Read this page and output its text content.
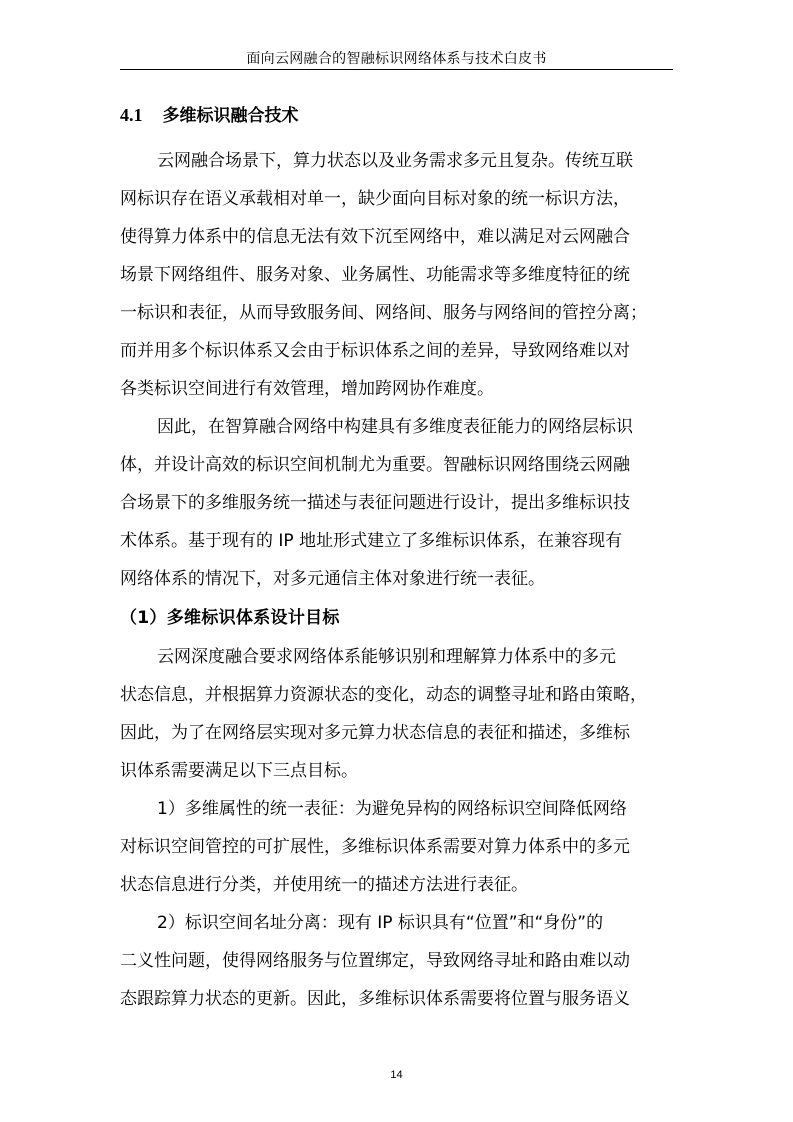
面向云网融合的智融标识网络体系与技术白皮书
4.1 多维标识融合技术
云网融合场景下，算力状态以及业务需求多元且复杂。传统互联
网标识存在语义承载相对单一，缺少面向目标对象的统一标识方法，
使得算力体系中的信息无法有效下沉至网络中，难以满足对云网融合
场景下网络组件、服务对象、业务属性、功能需求等多维度特征的统
一标识和表征，从而导致服务间、网络间、服务与网络间的管控分离；
而并用多个标识体系又会由于标识体系之间的差异，导致网络难以对
各类标识空间进行有效管理，增加跨网协作难度。
因此，在智算融合网络中构建具有多维度表征能力的网络层标识
体，并设计高效的标识空间机制尤为重要。智融标识网络围绕云网融
合场景下的多维服务统一描述与表征问题进行设计，提出多维标识技
术体系。基于现有的 IP 地址形式建立了多维标识体系，在兼容现有
网络体系的情况下，对多元通信主体对象进行统一表征。
（1）多维标识体系设计目标
云网深度融合要求网络体系能够识别和理解算力体系中的多元
状态信息，并根据算力资源状态的变化，动态的调整寻址和路由策略，
因此，为了在网络层实现对多元算力状态信息的表征和描述，多维标
识体系需要满足以下三点目标。
1）多维属性的统一表征：为避免异构的网络标识空间降低网络
对标识空间管控的可扩展性，多维标识体系需要对算力体系中的多元
状态信息进行分类，并使用统一的描述方法进行表征。
2）标识空间名址分离：现有 IP 标识具有“位置”和“身份”的
二义性问题，使得网络服务与位置绑定，导致网络寻址和路由难以动
态跟踪算力状态的更新。因此，多维标识体系需要将位置与服务语义
14
